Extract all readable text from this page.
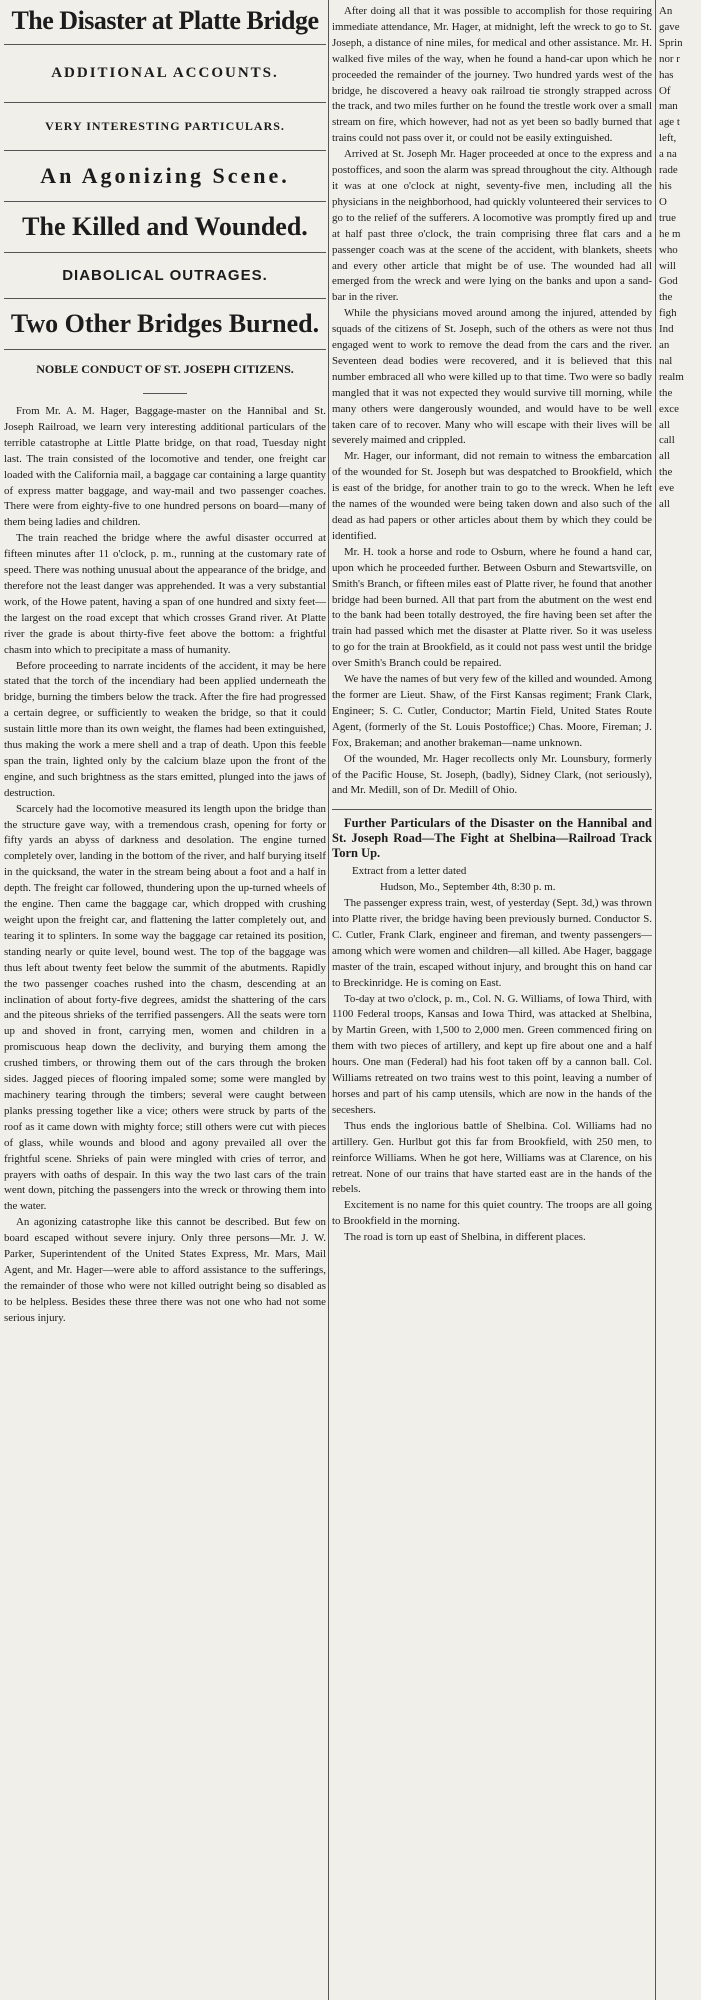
The Disaster at Platte Bridge
ADDITIONAL ACCOUNTS.
VERY INTERESTING PARTICULARS.
An Agonizing Scene.
The Killed and Wounded.
DIABOLICAL OUTRAGES.
Two Other Bridges Burned.
NOBLE CONDUCT OF ST. JOSEPH CITIZENS.

From Mr. A. M. Hager, Baggage-master on the Hannibal and St. Joseph Railroad, we learn very interesting additional particulars of the terrible catastrophe at Little Platte bridge, on that road, Tuesday night last. The train consisted of the locomotive and tender, one freight car loaded with the California mail, a baggage car containing a large quantity of express matter baggage, and way-mail and two passenger coaches. There were from eighty-five to one hundred persons on board—many of them being ladies and children.

The train reached the bridge where the awful disaster occurred at fifteen minutes after 11 o'clock, p. m., running at the customary rate of speed. There was nothing unusual about the appearance of the bridge, and therefore not the least danger was apprehended. It was a very substantial work, of the Howe patent, having a span of one hundred and sixty feet—the largest on the road except that which crosses Grand river. At Platte river the grade is about thirty-five feet above the bottom: a frightful chasm into which to precipitate a mass of humanity.

Before proceeding to narrate incidents of the accident, it may be here stated that the torch of the incendiary had been applied underneath the bridge, burning the timbers below the track. After the fire had progressed a certain degree, or sufficiently to weaken the bridge, so that it could sustain little more than its own weight, the flames had been extinguished, thus making the work a mere shell and a trap of death. Upon this feeble span the train, lighted only by the calcium blaze upon the front of the engine, and such brightness as the stars emitted, plunged into the jaws of destruction.

Scarcely had the locomotive measured its length upon the bridge than the structure gave way, with a tremendous crash, opening for forty or fifty yards an abyss of darkness and desolation. The engine turned completely over, landing in the bottom of the river, and half burying itself in the quicksand, the water in the stream being about a foot and a half in depth. The freight car followed, thundering upon the up-turned wheels of the engine. Then came the baggage car, which dropped with crushing weight upon the freight car, and flattening the latter completely out, and tearing it to splinters. In some way the baggage car retained its position, standing nearly or quite level, bound west. The top of the baggage was thus left about twenty feet below the summit of the abutments. Rapidly the two passenger coaches rushed into the chasm, descending at an inclination of about forty-five degrees, amidst the shattering of the cars and the piteous shrieks of the terrified passengers. All the seats were torn up and shoved in front, carrying men, women and children in a promiscuous heap down the declivity, and burying them among the crushed timbers, or throwing them out of the cars through the broken sides. Jagged pieces of flooring impaled some; some were mangled by machinery tearing through the timbers; several were caught between planks pressing together like a vice; others were struck by parts of the roof as it came down with mighty force; still others were cut with pieces of glass, while wounds and blood and agony prevailed all over the frightful scene. Shrieks of pain were mingled with cries of terror, and prayers with oaths of despair. In this way the two last cars of the train went down, pitching the passengers into the wreck or throwing them into the water.

An agonizing catastrophe like this cannot be described. But few on board escaped without severe injury. Only three persons—Mr. J. W. Parker, Superintendent of the United States Express, Mr. Mars, Mail Agent, and Mr. Hager—were able to afford assistance to the sufferings, the remainder of those who were not killed outright being so disabled as to be helpless. Besides these three there was not one who had not some serious injury.

After doing all that it was possible to accomplish for those requiring immediate attendance, Mr. Hager, at midnight, left the wreck to go to St. Joseph, a distance of nine miles, for medical and other assistance. Mr. H. walked five miles of the way, when he found a hand-car upon which he proceeded the remainder of the journey. Two hundred yards west of the bridge, he discovered a heavy oak railroad tie strongly strapped across the track, and two miles further on he found the trestle work over a small stream on fire, which however, had not as yet been so badly burned that trains could not pass over it, or could not be easily extinguished.

Arrived at St. Joseph Mr. Hager proceeded at once to the express and postoffices, and soon the alarm was spread throughout the city. Although it was at one o'clock at night, seventy-five men, including all the physicians in the neighborhood, had quickly volunteered their services to go to the relief of the sufferers. A locomotive was promptly fired up and at half past three o'clock, the train comprising three flat cars and a passenger coach was at the scene of the accident, with blankets, sheets and every other article that might be of use. The wounded had all emerged from the wreck and were lying on the banks and upon a sand-bar in the river.

While the physicians moved around among the injured, attended by squads of the citizens of St. Joseph, such of the others as were not thus engaged went to work to remove the dead from the cars and the river. Seventeen dead bodies were recovered, and it is believed that this number embraced all who were killed up to that time. Two were so badly mangled that it was not expected they would survive till morning, while many others were dangerously wounded, and would have to be well taken care of to recover. Many who will escape with their lives will be severely maimed and crippled.

Mr. Hager, our informant, did not remain to witness the embarcation of the wounded for St. Joseph but was despatched to Brookfield, which is east of the bridge, for another train to go to the wreck. When he left the names of the wounded were being taken down and also such of the dead as had papers or other articles about them by which they could be identified.

Mr. H. took a horse and rode to Osburn, where he found a hand car, upon which he proceeded further. Between Osburn and Stewartsville, on Smith's Branch, or fifteen miles east of Platte river, he found that another bridge had been burned. All that part from the abutment on the west end to the bank had been totally destroyed, the fire having been set after the train had passed which met the disaster at Platte river. So it was useless to go for the train at Brookfield, as it could not pass west until the bridge over Smith's Branch could be repaired.

We have the names of but very few of the killed and wounded. Among the former are Lieut. Shaw, of the First Kansas regiment; Frank Clark, Engineer; S. C. Cutler, Conductor; Martin Field, United States Route Agent, (formerly of the St. Louis Postoffice;) Chas. Moore, Fireman; J. Fox, Brakeman; and another brakeman—name unknown.

Of the wounded, Mr. Hager recollects only Mr. Lounsbury, formerly of the Pacific House, St. Joseph, (badly), Sidney Clark, (not seriously), and Mr. Medill, son of Dr. Medill of Ohio.

Further Particulars of the Disaster on the Hannibal and St. Joseph Road—The Fight at Shelbina—Railroad Track Torn Up.

Extract from a letter dated

Hudson, Mo., September 4th, 8:30 p. m.

The passenger express train, west, of yesterday (Sept. 3d,) was thrown into Platte river, the bridge having been previously burned. Conductor S. C. Cutler, Frank Clark, engineer and fireman, and twenty passengers—among which were women and children—all killed. Abe Hager, baggage master of the train, escaped without injury, and brought this on hand car to Breckinridge. He is coming on East.

To-day at two o'clock, p. m., Col. N. G. Williams, of Iowa Third, with 1100 Federal troops, Kansas and Iowa Third, was attacked at Shelbina, by Martin Green, with 1,500 to 2,000 men. Green commenced firing on them with two pieces of artillery, and kept up fire about one and a half hours. One man (Federal) had his foot taken off by a cannon ball. Col. Williams retreated on two trains west to this point, leaving a number of horses and part of his camp utensils, which are now in the hands of the seceshers.

Thus ends the inglorious battle of Shelbina. Col. Williams had no artillery. Gen. Hurlbut got this far from Brookfield, with 250 men, to reinforce Williams. When he got here, Williams was at Clarence, on his retreat. None of our trains that have started east are in the hands of the rebels.

Excitement is no name for this quiet country. The troops are all going to Brookfield in the morning.

The road is torn up east of Shelbina, in different places.

An

gave

Sprin

nor r

has

Of

man

age t

left,

a na

rade

his

O

true

he m

who

will

God

the

figh

Ind

an

nal

realm

the

exce

all

call

all

the

eve

all
